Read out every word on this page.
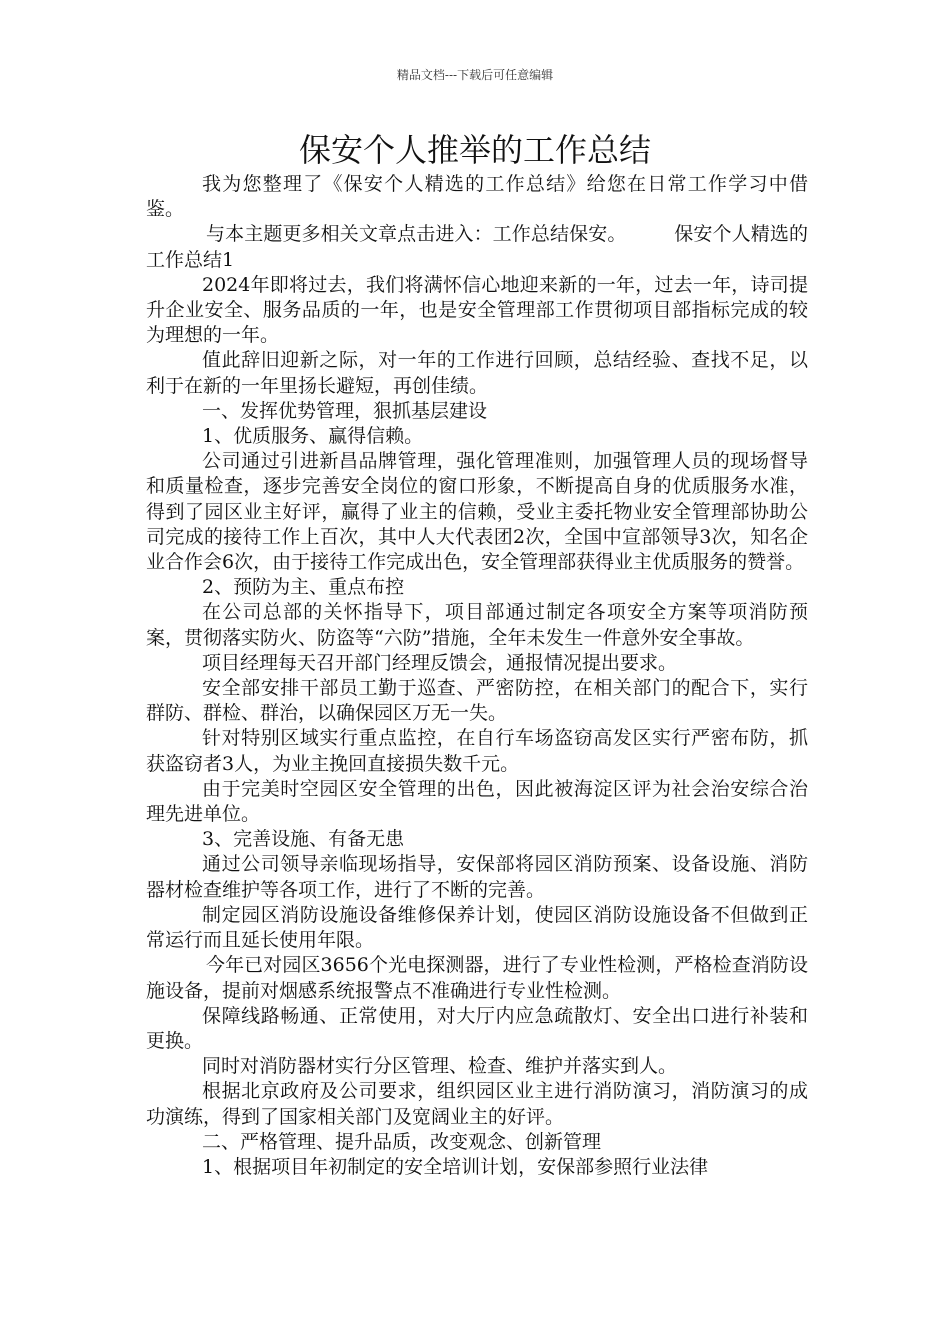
精品文档---下载后可任意编辑
保安个人推举的工作总结

我为您整理了《保安个人精选的工作总结》给您在日常工作学习中借鉴。

与本主题更多相关文章点击进入：工作总结保安。　　　保安个人精选的工作总结1

2024年即将过去，我们将满怀信心地迎来新的一年，过去一年，诗司提升企业安全、服务品质的一年，也是安全管理部工作贯彻项目部指标完成的较为理想的一年。

值此辞旧迎新之际，对一年的工作进行回顾，总结经验、查找不足，以利于在新的一年里扬长避短，再创佳绩。

一、发挥优势管理，狠抓基层建设

1、优质服务、赢得信赖。

公司通过引进新昌品牌管理，强化管理准则，加强管理人员的现场督导和质量检查，逐步完善安全岗位的窗口形象，不断提高自身的优质服务水准，得到了园区业主好评，赢得了业主的信赖，受业主委托物业安全管理部协助公司完成的接待工作上百次，其中人大代表团2次，全国中宣部领导3次，知名企业合作会6次，由于接待工作完成出色，安全管理部获得业主优质服务的赞誉。

2、预防为主、重点布控

在公司总部的关怀指导下，项目部通过制定各项安全方案等项消防预案，贯彻落实防火、防盗等“六防”措施，全年未发生一件意外安全事故。

项目经理每天召开部门经理反馈会，通报情况提出要求。

安全部安排干部员工勤于巡查、严密防控，在相关部门的配合下，实行群防、群检、群治，以确保园区万无一失。

针对特别区域实行重点监控，在自行车场盗窃高发区实行严密布防，抓获盗窃者3人，为业主挽回直接损失数千元。

由于完美时空园区安全管理的出色，因此被海淀区评为社会治安综合治理先进单位。

3、完善设施、有备无患

通过公司领导亲临现场指导，安保部将园区消防预案、设备设施、消防器材检查维护等各项工作，进行了不断的完善。

制定园区消防设施设备维修保养计划，使园区消防设施设备不但做到正常运行而且延长使用年限。

今年已对园区3656个光电探测器，进行了专业性检测，严格检查消防设施设备，提前对烟感系统报警点不准确进行专业性检测。

保障线路畅通、正常使用，对大厅内应急疏散灯、安全出口进行补装和更换。

同时对消防器材实行分区管理、检查、维护并落实到人。

根据北京政府及公司要求，组织园区业主进行消防演习，消防演习的成功演练，得到了国家相关部门及宽阔业主的好评。

二、严格管理、提升品质，改变观念、创新管理

1、根据项目年初制定的安全培训计划，安保部参照行业法律
